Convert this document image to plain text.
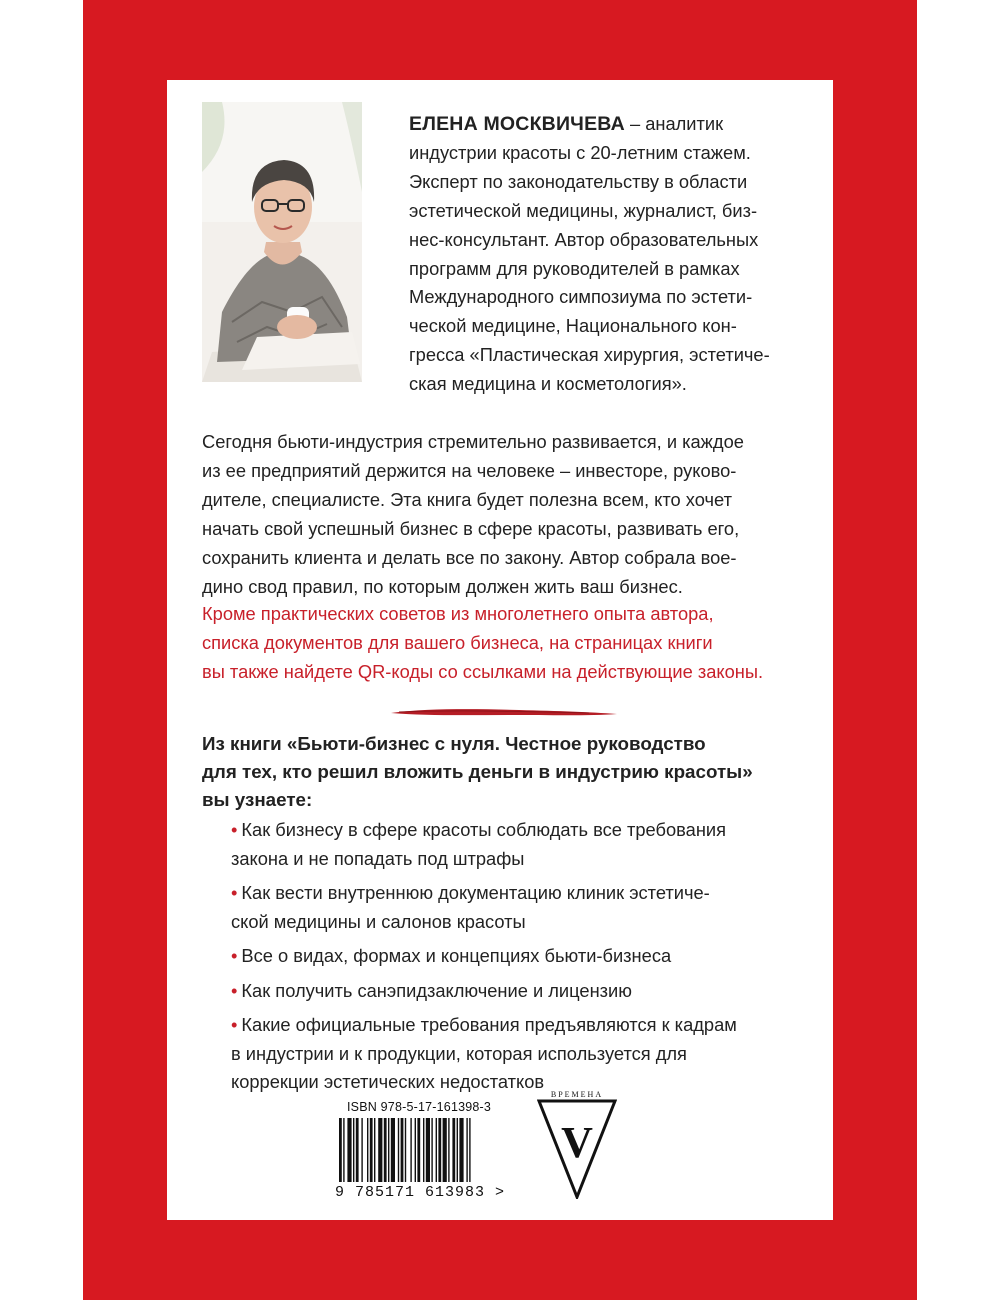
ЕЛЕНА МОСКВИЧЕВА – аналитик
индустрии красоты с 20-летним стажем.
Эксперт по законодательству в области
эстетической медицины, журналист, биз-
нес-консультант. Автор образовательных
программ для руководителей в рамках
Международного симпозиума по эстети-
ческой медицине, Национального кон-
гресса «Пластическая хирургия, эстетиче-
ская медицина и косметология».
Сегодня бьюти-индустрия стремительно развивается, и каждое
из ее предприятий держится на человеке – инвесторе, руково-
дителе, специалисте. Эта книга будет полезна всем, кто хочет
начать свой успешный бизнес в сфере красоты, развивать его,
сохранить клиента и делать все по закону. Автор собрала вое-
дино свод правил, по которым должен жить ваш бизнес.
Кроме практических советов из многолетнего опыта автора,
списка документов для вашего бизнеса, на страницах книги
вы также найдете QR-коды со ссылками на действующие законы.
Из книги «Бьюти-бизнес с нуля. Честное руководство
для тех, кто решил вложить деньги в индустрию красоты»
вы узнаете:
• Как бизнесу в сфере красоты соблюдать все требования
закона и не попадать под штрафы
• Как вести внутреннюю документацию клиник эстетиче-
ской медицины и салонов красоты
• Все о видах, формах и концепциях бьюти-бизнеса
• Как получить санэпидзаключение и лицензию
• Какие официальные требования предъявляются к кадрам
в индустрии и к продукции, которая используется для
коррекции эстетических недостатков
ISBN 978-5-17-161398-3
9 785171 613983 >
ВРЕМЕНА
V
